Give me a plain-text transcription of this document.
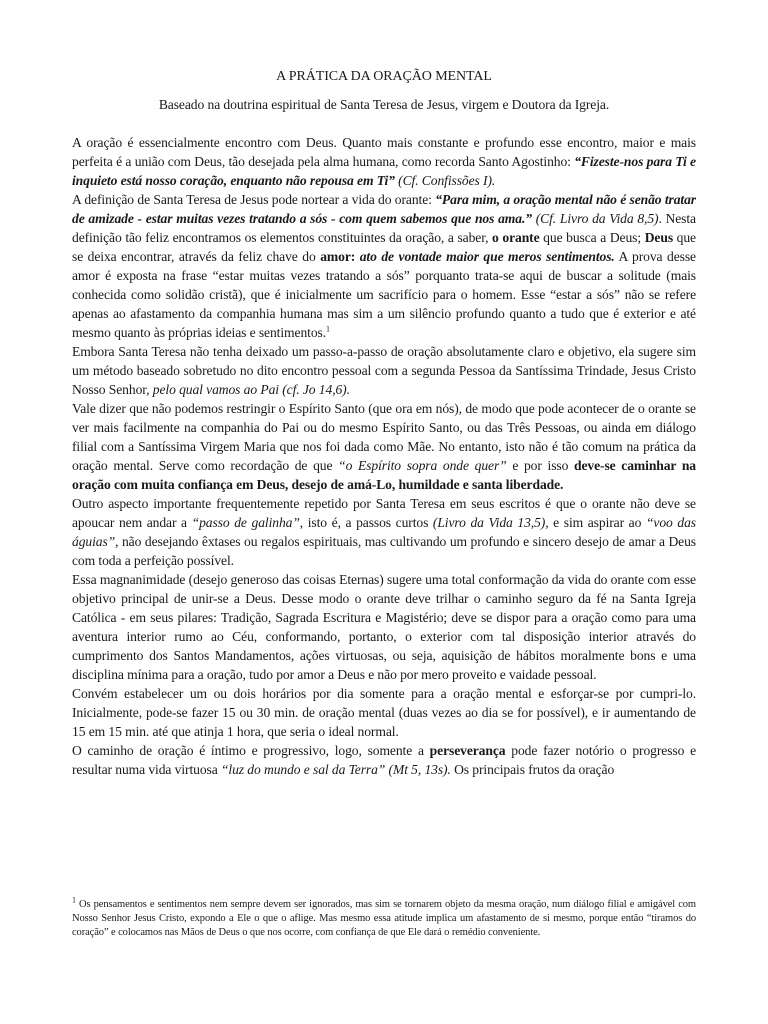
A PRÁTICA DA ORAÇÃO MENTAL
Baseado na doutrina espiritual de Santa Teresa de Jesus, virgem e Doutora da Igreja.

A oração é essencialmente encontro com Deus. Quanto mais constante e profundo esse encontro, maior e mais perfeita é a união com Deus, tão desejada pela alma humana, como recorda Santo Agostinho: “Fizeste-nos para Ti e inquieto está nosso coração, enquanto não repousa em Ti” (Cf. Confissões I).

A definição de Santa Teresa de Jesus pode nortear a vida do orante: “Para mim, a oração mental não é senão tratar de amizade - estar muitas vezes tratando a sós - com quem sabemos que nos ama.” (Cf. Livro da Vida 8,5). Nesta definição tão feliz encontramos os elementos constituintes da oração, a saber, o orante que busca a Deus; Deus que se deixa encontrar, através da feliz chave do amor: ato de vontade maior que meros sentimentos. A prova desse amor é exposta na frase “estar muitas vezes tratando a sós” porquanto trata-se aqui de buscar a solitude (mais conhecida como solidão cristã), que é inicialmente um sacrifício para o homem. Esse “estar a sós” não se refere apenas ao afastamento da companhia humana mas sim a um silêncio profundo quanto a tudo que é exterior e até mesmo quanto às próprias ideias e sentimentos.$^1$

Embora Santa Teresa não tenha deixado um passo-a-passo de oração absolutamente claro e objetivo, ela sugere sim um método baseado sobretudo no dito encontro pessoal com a segunda Pessoa da Santíssima Trindade, Jesus Cristo Nosso Senhor, pelo qual vamos ao Pai (cf. Jo 14,6).

Vale dizer que não podemos restringir o Espírito Santo (que ora em nós), de modo que pode acontecer de o orante se ver mais facilmente na companhia do Pai ou do mesmo Espírito Santo, ou das Três Pessoas, ou ainda em diálogo filial com a Santíssima Virgem Maria que nos foi dada como Mãe. No entanto, isto não é tão comum na prática da oração mental. Serve como recordação de que “o Espírito sopra onde quer” e por isso deve-se caminhar na oração com muita confiança em Deus, desejo de amá-Lo, humildade e santa liberdade.

Outro aspecto importante frequentemente repetido por Santa Teresa em seus escritos é que o orante não deve se apoucar nem andar a “passo de galinha”, isto é, a passos curtos (Livro da Vida 13,5), e sim aspirar ao “voo das águias”, não desejando êxtases ou regalos espirituais, mas cultivando um profundo e sincero desejo de amar a Deus com toda a perfeição possível.

Essa magnanimidade (desejo generoso das coisas Eternas) sugere uma total conformação da vida do orante com esse objetivo principal de unir-se a Deus. Desse modo o orante deve trilhar o caminho seguro da fé na Santa Igreja Católica - em seus pilares: Tradição, Sagrada Escritura e Magistério; deve se dispor para a oração como para uma aventura interior rumo ao Céu, conformando, portanto, o exterior com tal disposição interior através do cumprimento dos Santos Mandamentos, ações virtuosas, ou seja, aquisição de hábitos moralmente bons e uma disciplina mínima para a oração, tudo por amor a Deus e não por mero proveito e vaidade pessoal.

Convém estabelecer um ou dois horários por dia somente para a oração mental e esforçar-se por cumpri-lo. Inicialmente, pode-se fazer 15 ou 30 min. de oração mental (duas vezes ao dia se for possível), e ir aumentando de 15 em 15 min. até que atinja 1 hora, que seria o ideal normal.

O caminho de oração é íntimo e progressivo, logo, somente a perseverança pode fazer notório o progresso e resultar numa vida virtuosa “luz do mundo e sal da Terra” (Mt 5, 13s). Os principais frutos da oração

$^1$ Os pensamentos e sentimentos nem sempre devem ser ignorados, mas sim se tornarem objeto da mesma oração, num diálogo filial e amigável com Nosso Senhor Jesus Cristo, expondo a Ele o que o aflige. Mas mesmo essa atitude implica um afastamento de si mesmo, porque então “tiramos do coração” e colocamos nas Mãos de Deus o que nos ocorre, com confiança de que Ele dará o remédio conveniente.
